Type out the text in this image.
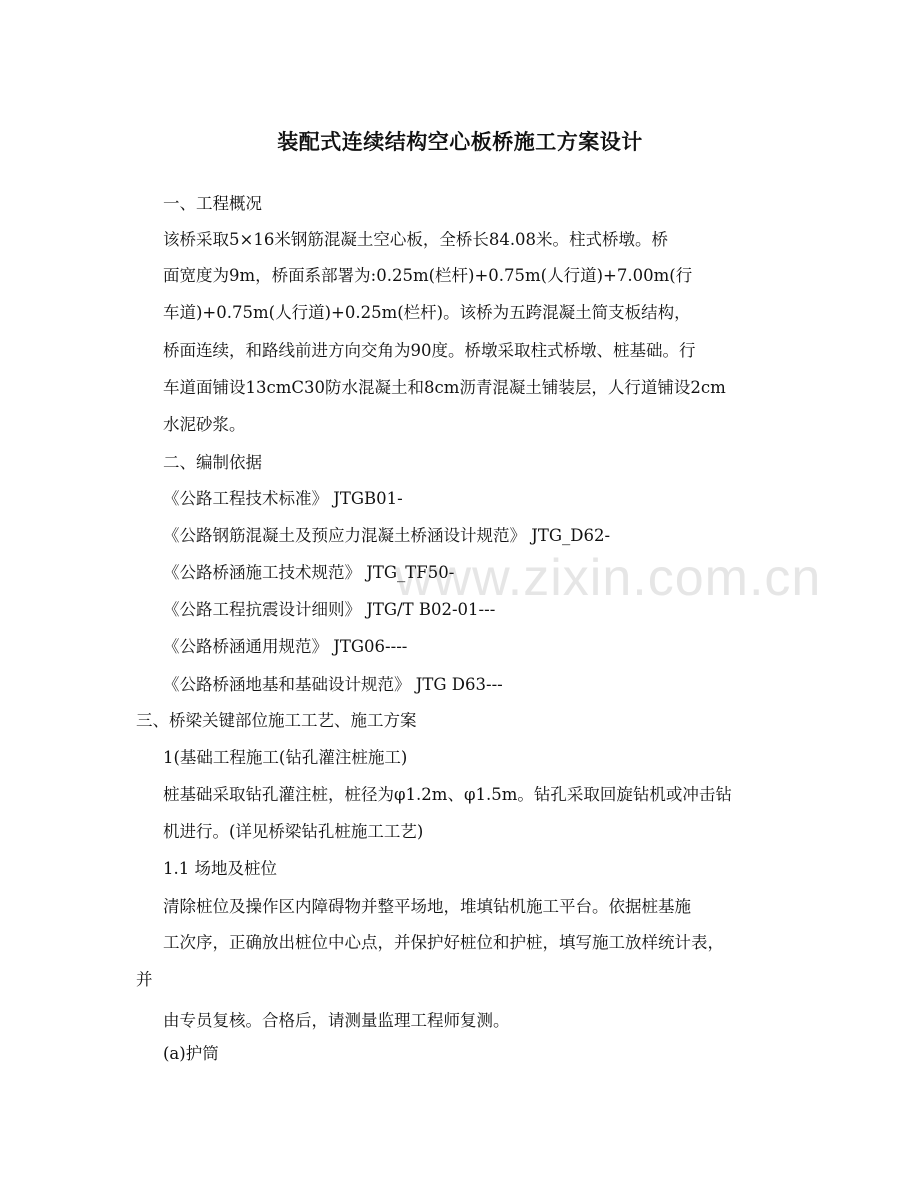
www.zixin.com.cn
装配式连续结构空心板桥施工方案设计
一、工程概况
该桥采取5×16米钢筋混凝土空心板，全桥长84.08米。柱式桥墩。桥
面宽度为9m，桥面系部署为:0.25m(栏杆)+0.75m(人行道)+7.00m(行
车道)+0.75m(人行道)+0.25m(栏杆)。该桥为五跨混凝土简支板结构，
桥面连续，和路线前进方向交角为90度。桥墩采取柱式桥墩、桩基础。行
车道面铺设13cmC30防水混凝土和8cm沥青混凝土铺装层，人行道铺设2cm
水泥砂浆。
二、编制依据
《公路工程技术标准》 JTGB01-
《公路钢筋混凝土及预应力混凝土桥涵设计规范》 JTG_D62-
《公路桥涵施工技术规范》 JTG_TF50-
《公路工程抗震设计细则》 JTG/T B02-01---
《公路桥涵通用规范》 JTG06----
《公路桥涵地基和基础设计规范》 JTG D63---
三、桥梁关键部位施工工艺、施工方案
1(基础工程施工(钻孔灌注桩施工)
桩基础采取钻孔灌注桩，桩径为φ1.2m、φ1.5m。钻孔采取回旋钻机或冲击钻
机进行。(详见桥梁钻孔桩施工工艺)
1.1 场地及桩位
清除桩位及操作区内障碍物并整平场地，堆填钻机施工平台。依据桩基施
工次序，正确放出桩位中心点，并保护好桩位和护桩，填写施工放样统计表，
并
由专员复核。合格后，请测量监理工程师复测。
(a)护筒
